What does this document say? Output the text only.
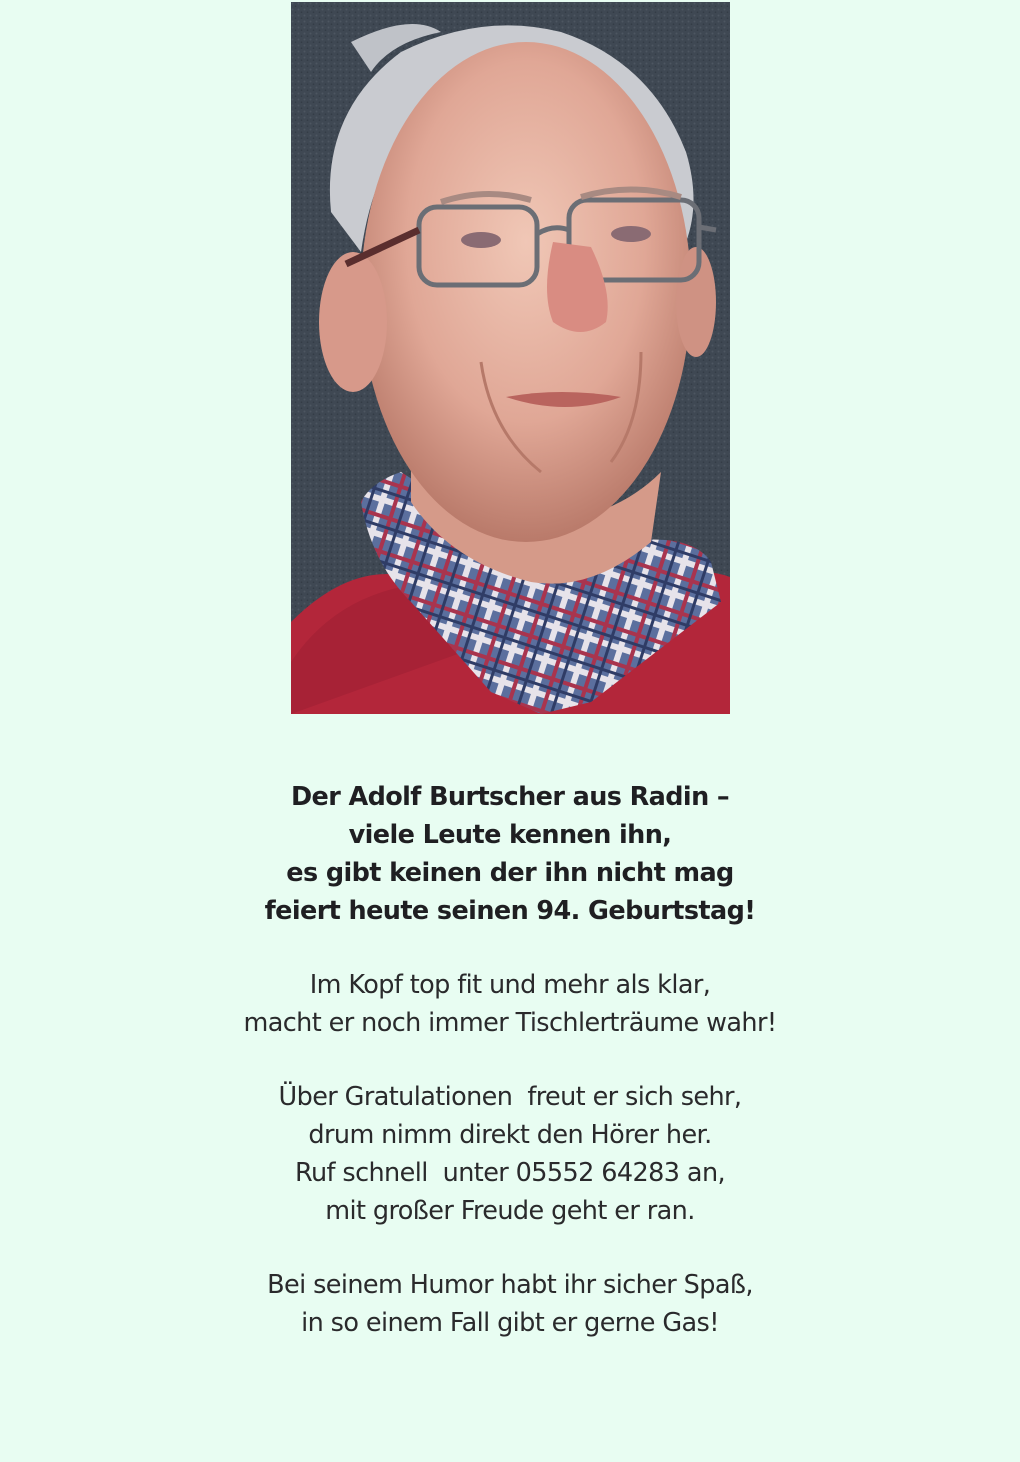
Der Adolf Burtscher aus Radin –
viele Leute kennen ihn,
es gibt keinen der ihn nicht mag
feiert heute seinen 94. Geburtstag!
Im Kopf top fit und mehr als klar,
macht er noch immer Tischlerträume wahr!
Über Gratulationen  freut er sich sehr,
drum nimm direkt den Hörer her.
Ruf schnell  unter 05552 64283 an,
mit großer Freude geht er ran.
Bei seinem Humor habt ihr sicher Spaß,
in so einem Fall gibt er gerne Gas!
